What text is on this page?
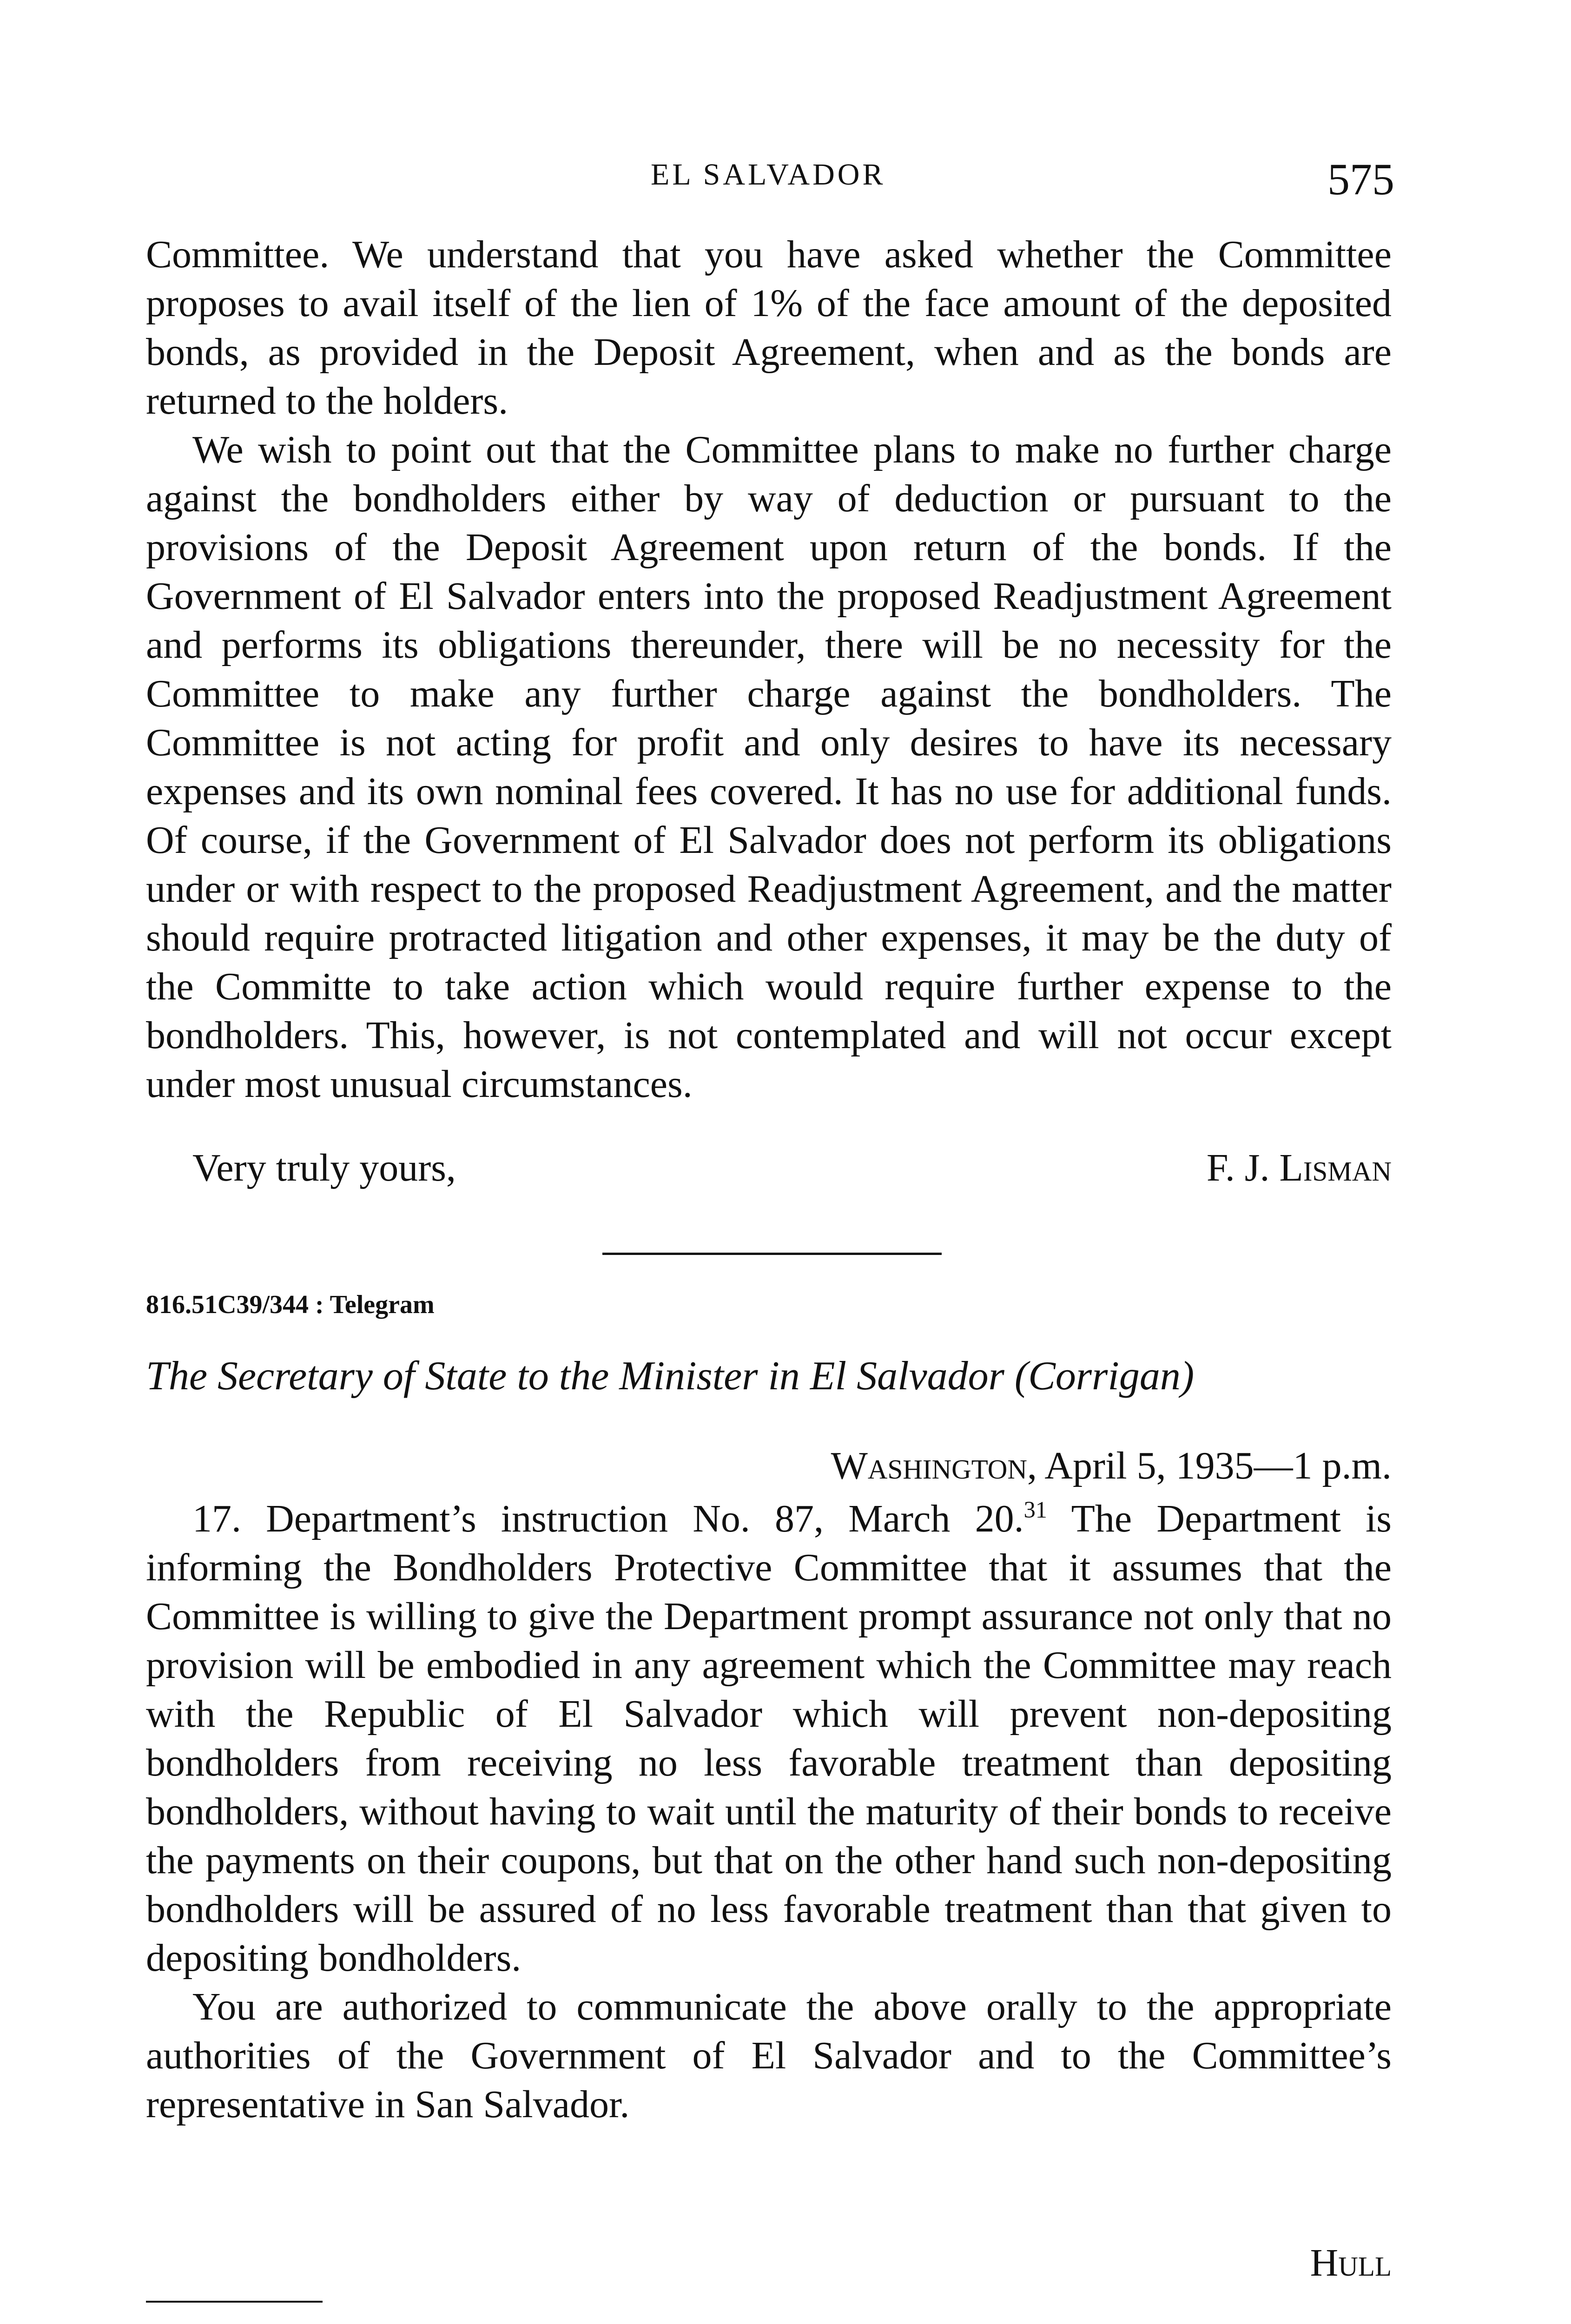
EL SALVADOR	575

Committee. We understand that you have asked whether the Committee proposes to avail itself of the lien of 1% of the face amount of the deposited bonds, as provided in the Deposit Agreement, when and as the bonds are returned to the holders.

We wish to point out that the Committee plans to make no further charge against the bondholders either by way of deduction or pursuant to the provisions of the Deposit Agreement upon return of the bonds. If the Government of El Salvador enters into the proposed Readjustment Agreement and performs its obligations thereunder, there will be no necessity for the Committee to make any further charge against the bondholders. The Committee is not acting for profit and only desires to have its necessary expenses and its own nominal fees covered. It has no use for additional funds. Of course, if the Government of El Salvador does not perform its obligations under or with respect to the proposed Readjustment Agreement, and the matter should require protracted litigation and other expenses, it may be the duty of the Committe to take action which would require further expense to the bondholders. This, however, is not contemplated and will not occur except under most unusual circumstances.

Very truly yours,	F. J. Lisman
816.51C39/344 : Telegram
The Secretary of State to the Minister in El Salvador (Corrigan)
Washington, April 5, 1935—1 p.m.

17. Department’s instruction No. 87, March 20.31 The Department is informing the Bondholders Protective Committee that it assumes that the Committee is willing to give the Department prompt assurance not only that no provision will be embodied in any agreement which the Committee may reach with the Republic of El Salvador which will prevent non-depositing bondholders from receiving no less favorable treatment than depositing bondholders, without having to wait until the maturity of their bonds to receive the payments on their coupons, but that on the other hand such non-depositing bondholders will be assured of no less favorable treatment than that given to depositing bondholders.

You are authorized to communicate the above orally to the appropriate authorities of the Government of El Salvador and to the Committee’s representative in San Salvador.

Hull
